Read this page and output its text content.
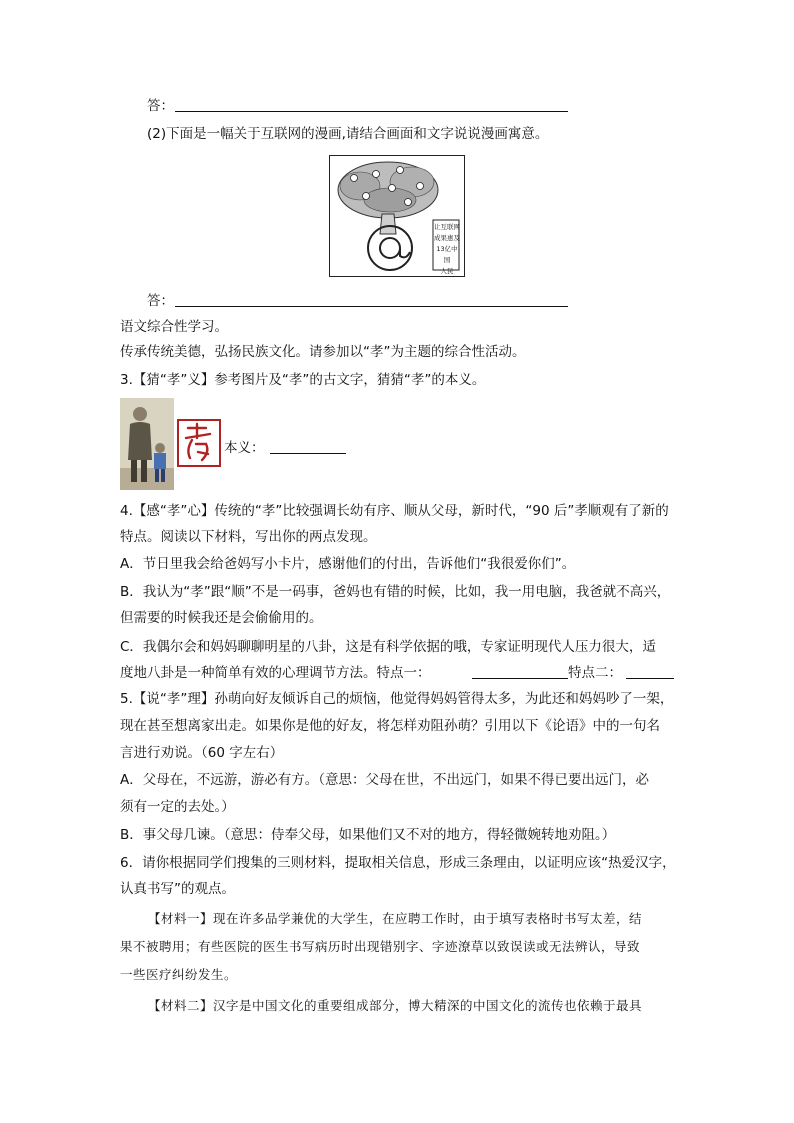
答：
(2)下面是一幅关于互联网的漫画,请结合画面和文字说说漫画寓意。
让互联网
成果惠及
13亿中国
人民
答：
语文综合性学习。
传承传统美德，弘扬民族文化。请参加以“孝”为主题的综合性活动。
3.【猜“孝”义】参考图片及“孝”的古文字，猜猜“孝”的本义。
本义：
4.【感“孝”心】传统的“孝”比较强调长幼有序、顺从父母，新时代，“90 后”孝顺观有了新的
特点。阅读以下材料，写出你的两点发现。
A．节日里我会给爸妈写小卡片，感谢他们的付出，告诉他们“我很爱你们”。
B．我认为“孝”跟“顺”不是一码事，爸妈也有错的时候，比如，我一用电脑，我爸就不高兴，
但需要的时候我还是会偷偷用的。
C．我偶尔会和妈妈聊聊明星的八卦，这是有科学依据的哦，专家证明现代人压力很大，适
度地八卦是一种简单有效的心理调节方法。特点一：	特点二：
5.【说“孝”理】孙萌向好友倾诉自己的烦恼，他觉得妈妈管得太多，为此还和妈妈吵了一架，
现在甚至想离家出走。如果你是他的好友，将怎样劝阻孙萌？引用以下《论语》中的一句名
言进行劝说。（60 字左右）
A．父母在，不远游，游必有方。（意思：父母在世，不出远门，如果不得已要出远门，必
须有一定的去处。）
B．事父母几谏。（意思：侍奉父母，如果他们又不对的地方，得轻微婉转地劝阻。）
6．请你根据同学们搜集的三则材料，提取相关信息，形成三条理由，以证明应该“热爱汉字，
认真书写”的观点。
【材料一】现在许多品学兼优的大学生，在应聘工作时，由于填写表格时书写太差，结
果不被聘用；有些医院的医生书写病历时出现错别字、字迹潦草以致误读或无法辨认，导致
一些医疗纠纷发生。
【材料二】汉字是中国文化的重要组成部分，博大精深的中国文化的流传也依赖于最具
